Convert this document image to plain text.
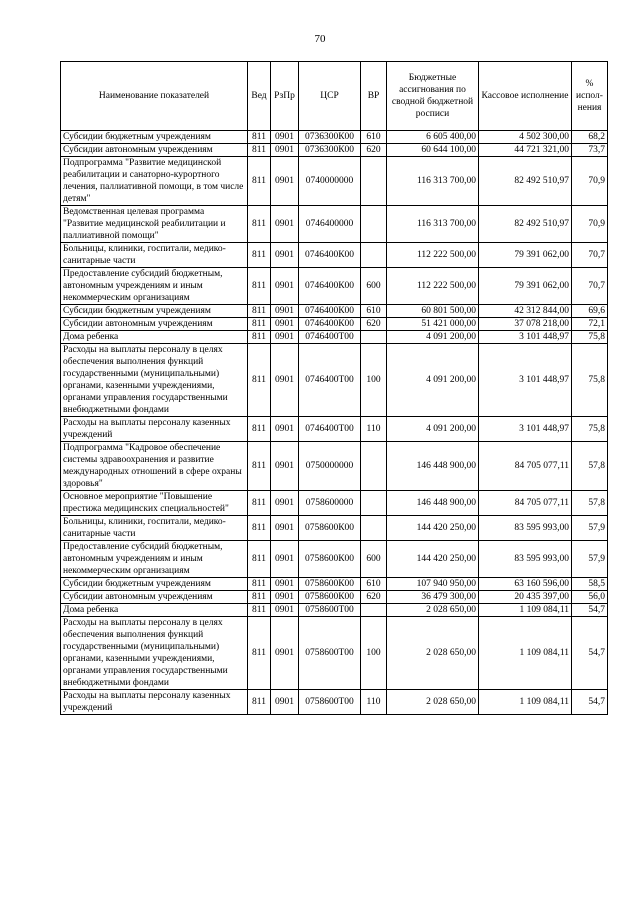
70
Наименование показателей	Вед	РзПр	ЦСР	ВР	Бюджетные ассигнования по сводной бюджетной росписи	Кассовое исполнение	% испол-нения
Субсидии бюджетным учреждениям	811	0901	0736300К00	610	6 605 400,00	4 502 300,00	68,2
Субсидии автономным учреждениям	811	0901	0736300К00	620	60 644 100,00	44 721 321,00	73,7
Подпрограмма "Развитие медицинской реабилитации и санаторно-курортного лечения, паллиативной помощи, в том числе детям"	811	0901	0740000000		116 313 700,00	82 492 510,97	70,9
Ведомственная целевая программа "Развитие медицинской реабилитации и паллиативной помощи"	811	0901	0746400000		116 313 700,00	82 492 510,97	70,9
Больницы, клиники, госпитали, медико-санитарные части	811	0901	0746400К00		112 222 500,00	79 391 062,00	70,7
Предоставление субсидий бюджетным, автономным учреждениям и иным некоммерческим организациям	811	0901	0746400К00	600	112 222 500,00	79 391 062,00	70,7
Субсидии бюджетным учреждениям	811	0901	0746400К00	610	60 801 500,00	42 312 844,00	69,6
Субсидии автономным учреждениям	811	0901	0746400К00	620	51 421 000,00	37 078 218,00	72,1
Дома ребенка	811	0901	0746400Т00		4 091 200,00	3 101 448,97	75,8
Расходы на выплаты персоналу в целях обеспечения выполнения функций государственными (муниципальными) органами, казенными учреждениями, органами управления государственными внебюджетными фондами	811	0901	0746400Т00	100	4 091 200,00	3 101 448,97	75,8
Расходы на выплаты персоналу казенных учреждений	811	0901	0746400Т00	110	4 091 200,00	3 101 448,97	75,8
Подпрограмма "Кадровое обеспечение системы здравоохранения и развитие международных отношений в сфере охраны здоровья"	811	0901	0750000000		146 448 900,00	84 705 077,11	57,8
Основное мероприятие "Повышение престижа медицинских специальностей"	811	0901	0758600000		146 448 900,00	84 705 077,11	57,8
Больницы, клиники, госпитали, медико-санитарные части	811	0901	0758600К00		144 420 250,00	83 595 993,00	57,9
Предоставление субсидий бюджетным, автономным учреждениям и иным некоммерческим организациям	811	0901	0758600К00	600	144 420 250,00	83 595 993,00	57,9
Субсидии бюджетным учреждениям	811	0901	0758600К00	610	107 940 950,00	63 160 596,00	58,5
Субсидии автономным учреждениям	811	0901	0758600К00	620	36 479 300,00	20 435 397,00	56,0
Дома ребенка	811	0901	0758600Т00		2 028 650,00	1 109 084,11	54,7
Расходы на выплаты персоналу в целях обеспечения выполнения функций государственными (муниципальными) органами, казенными учреждениями, органами управления государственными внебюджетными фондами	811	0901	0758600Т00	100	2 028 650,00	1 109 084,11	54,7
Расходы на выплаты персоналу казенных учреждений	811	0901	0758600Т00	110	2 028 650,00	1 109 084,11	54,7
